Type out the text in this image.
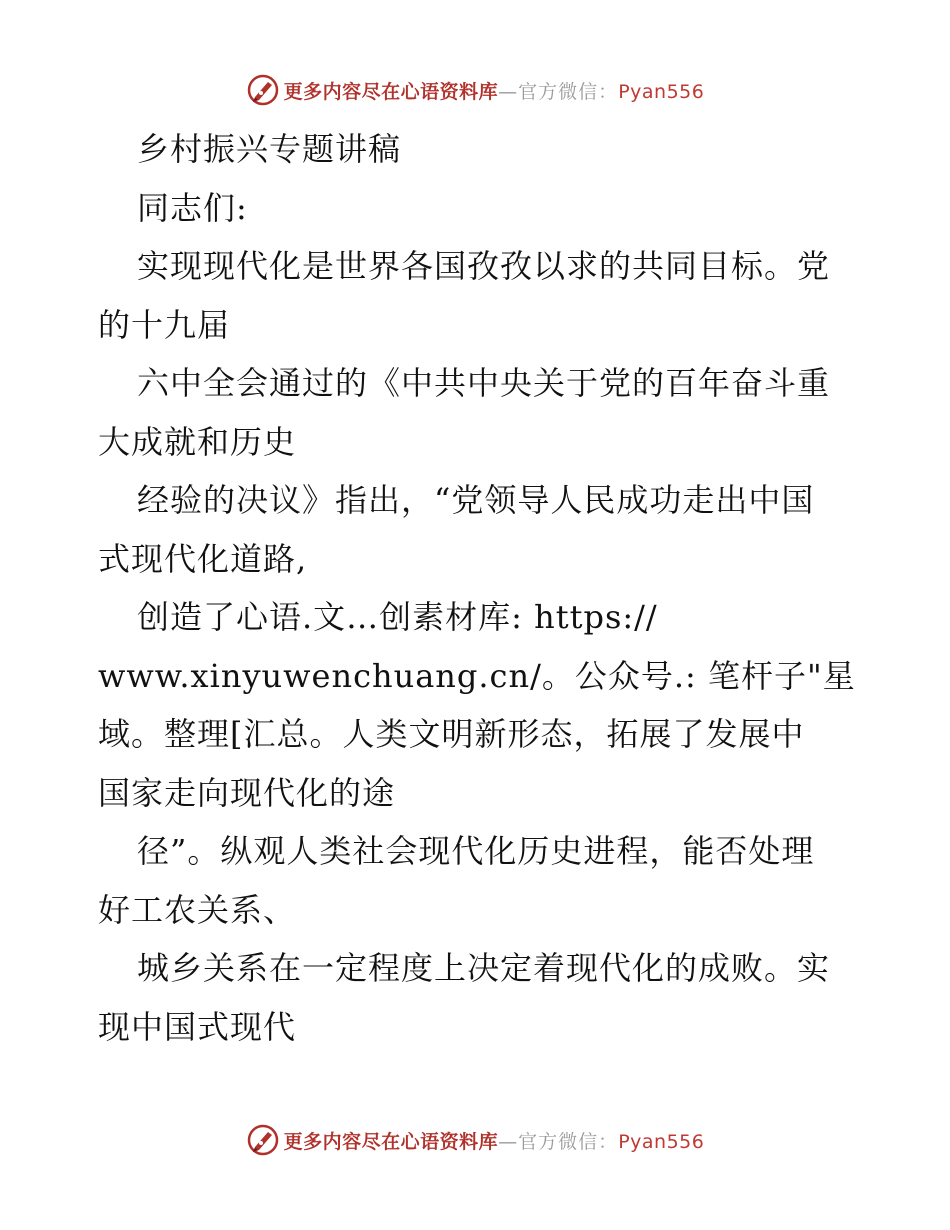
更多内容尽在心语资料库—官方微信：Pyan556
乡村振兴专题讲稿
同志们:
实现现代化是世界各国孜孜以求的共同目标。党
的十九届
六中全会通过的《中共中央关于党的百年奋斗重
大成就和历史
经验的决议》指出，“党领导人民成功走出中国
式现代化道路,
创造了心语.文…创素材库: https://
www.xinyuwenchuang.cn/。公众号.: 笔杆子"星
域。整理[汇总。人类文明新形态，拓展了发展中
国家走向现代化的途
径”。纵观人类社会现代化历史进程，能否处理
好工农关系、
城乡关系在一定程度上决定着现代化的成败。实
现中国式现代
更多内容尽在心语资料库—官方微信：Pyan556
